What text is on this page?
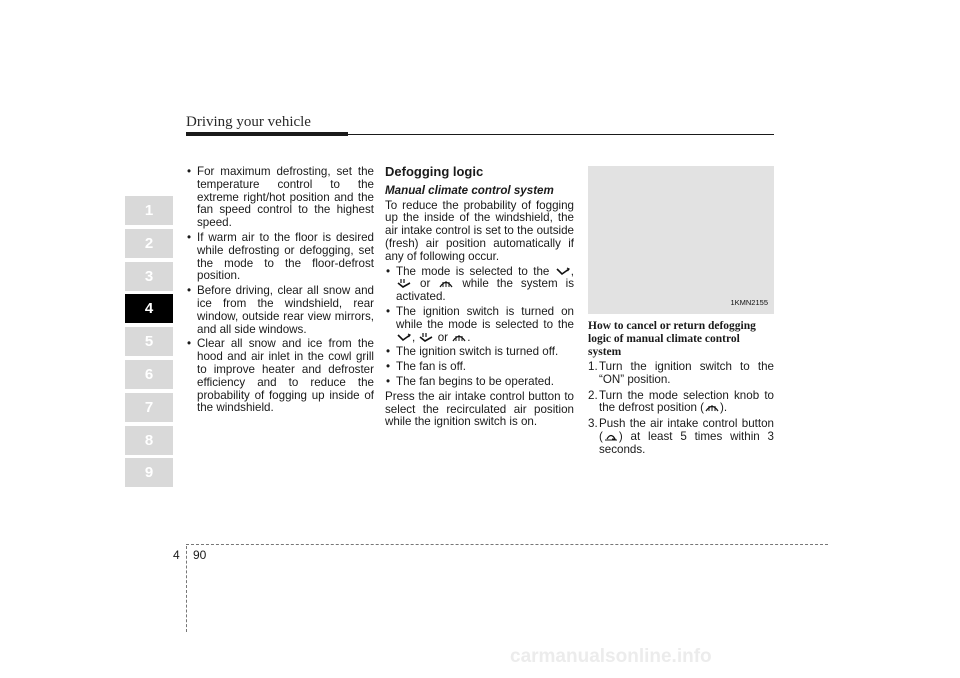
Driving your vehicle
1
2
3
4
5
6
7
8
9
• For maximum defrosting, set the temperature control to the extreme right/hot position and the fan speed control to the highest speed.
• If warm air to the floor is desired while defrosting or defogging, set the mode to the floor-defrost position.
• Before driving, clear all snow and ice from the windshield, rear window, outside rear view mirrors, and all side windows.
• Clear all snow and ice from the hood and air inlet in the cowl grill to improve heater and defroster efficiency and to reduce the probability of fogging up inside of the windshield.
Defogging logic
Manual climate control system

To reduce the probability of fogging up the inside of the windshield, the air intake control is set to the outside (fresh) air position automatically if any of following occur.

• The mode is selected to the ,
or	while the system is activated.
• The ignition switch is turned on while the mode is selected to the
, or .
• The ignition switch is turned off.
• The fan is off.
• The fan begins to be operated.

Press the air intake control button to select the recirculated air position while the ignition switch is on.

1KMN2155
How to cancel or return defogging logic of manual climate control system
1. Turn the ignition switch to the “ON” position.
2. Turn the mode selection knob to the defrost position ( ).
3. Push the air intake control button ( ) at least 5 times within 3 seconds.
4 90
carmanualsonline.info
